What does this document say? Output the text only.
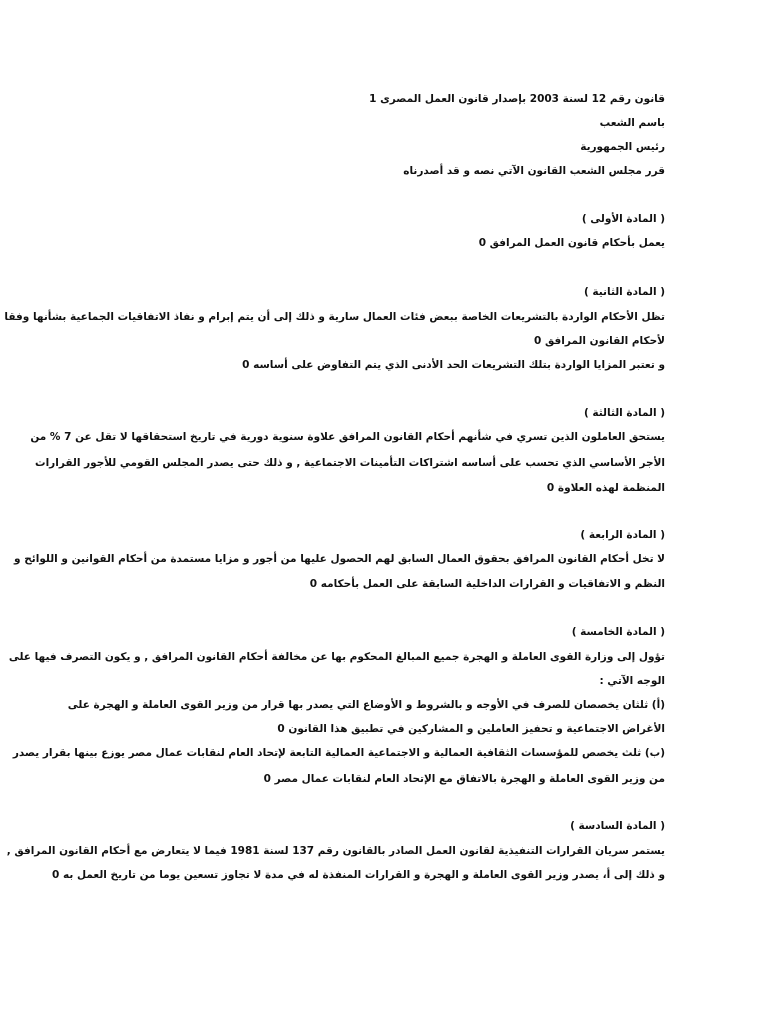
قانون رقم 12 لسنة 2003 بإصدار قانون العمل المصرى 1
باسم الشعب
رئيس الجمهورية
قرر مجلس الشعب القانون الآتي نصه و قد أصدرناه
( المادة الأولى )
يعمل بأحكام قانون العمل المرافق 0
( المادة الثانية )
تظل الأحكام الواردة بالتشريعات الخاصة ببعض فئات العمال سارية و ذلك إلى أن يتم إبرام و نفاذ الاتفاقيات الجماعية بشأنها وفقا
لأحكام القانون المرافق 0
و تعتبر المزايا الواردة بتلك التشريعات الحد الأدنى الذي يتم التفاوض على أساسه 0
( المادة الثالثة )
يستحق العاملون الذين تسري في شأنهم أحكام القانون المرافق علاوة سنوية دورية في تاريخ استحقاقها لا تقل عن 7 % من
الأجر الأساسي الذي تحسب على أساسه اشتراكات التأمينات الاجتماعية , و ذلك حتى يصدر المجلس القومي للأجور القرارات
المنظمة لهذه العلاوة 0
( المادة الرابعة )
لا تخل أحكام القانون المرافق بحقوق العمال السابق لهم الحصول عليها من أجور و مزايا مستمدة من أحكام القوانين و اللوائح و
النظم و الاتفاقيات و القرارات الداخلية السابقة على العمل بأحكامه 0
( المادة الخامسة )
تؤول إلى وزارة القوى العاملة و الهجرة جميع المبالغ المحكوم بها عن مخالفة أحكام القانون المرافق , و يكون التصرف فيها على
الوجه الآتي :
(أ) ثلثان يخصصان للصرف في الأوجه و بالشروط و الأوضاع التي يصدر بها قرار من وزير القوى العاملة و الهجرة على
الأغراض الاجتماعية و تحفيز العاملين و المشاركين في تطبيق هذا القانون 0
(ب) ثلث يخصص للمؤسسات الثقافية العمالية و الاجتماعية العمالية التابعة لإتحاد العام لنقابات عمال مصر يوزع بينها بقرار يصدر
من وزير القوى العاملة و الهجرة بالاتفاق مع الإتحاد العام لنقابات عمال مصر 0
( المادة السادسة )
يستمر سريان القرارات التنفيذية لقانون العمل الصادر بالقانون رقم 137 لسنة 1981 فيما لا يتعارض مع أحكام القانون المرافق ,
و ذلك إلى أ، يصدر وزير القوى العاملة و الهجرة و القرارات المنفذة له في مدة لا تجاوز تسعين يوما من تاريخ العمل به 0
